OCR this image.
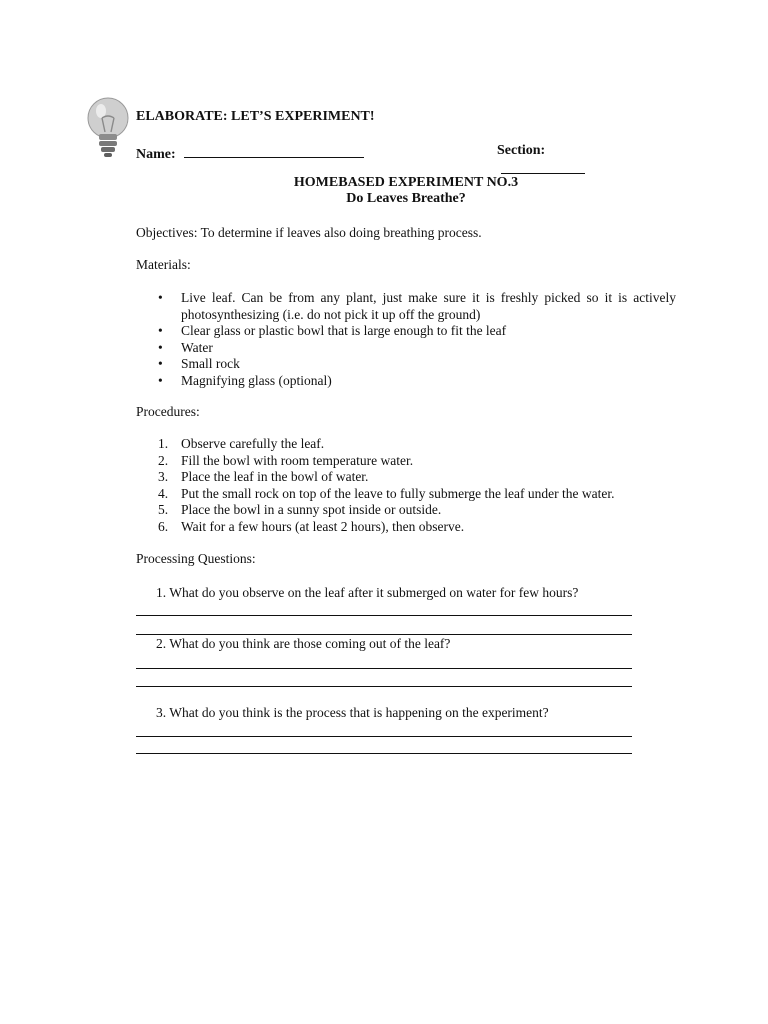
ELABORATE: LET’S EXPERIMENT!
Name:	Section:
HOMEBASED EXPERIMENT NO.3
Do Leaves Breathe?
Objectives: To determine if leaves also doing breathing process.
Materials:
• Live leaf. Can be from any plant, just make sure it is freshly picked so it is actively photosynthesizing (i.e. do not pick it up off the ground)
• Clear glass or plastic bowl that is large enough to fit the leaf
• Water
• Small rock
• Magnifying glass (optional)
Procedures:
1. Observe carefully the leaf.
2. Fill the bowl with room temperature water.
3. Place the leaf in the bowl of water.
4. Put the small rock on top of the leave to fully submerge the leaf under the water.
5. Place the bowl in a sunny spot inside or outside.
6. Wait for a few hours (at least 2 hours), then observe.
Processing Questions:
1. What do you observe on the leaf after it submerged on water for few hours?
2. What do you think are those coming out of the leaf?
3. What do you think is the process that is happening on the experiment?
